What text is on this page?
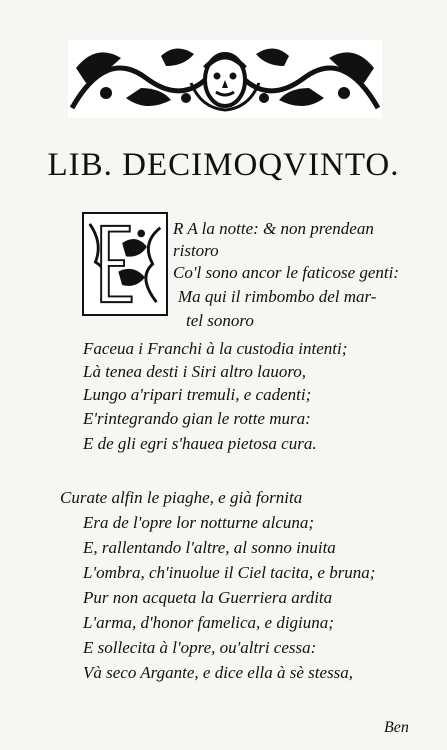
LIB. DECIMOQVINTO.
R A la notte: & non prendean
ristoro
Co'l sono ancor le faticose genti:
Ma qui il rimbombo del mar-
tel sonoro
Faceua i Franchi à la custodia intenti;
Là tenea desti i Siri altro lauoro,
Lungo a'ripari tremuli, e cadenti;
E'rintegrando gian le rotte mura:
E de gli egri s'hauea pietosa cura.
Curate alfin le piaghe, e già fornita
Era de l'opre lor notturne alcuna;
E, rallentando l'altre, al sonno inuita
L'ombra, ch'inuolue il Ciel tacita, e bruna;
Pur non acqueta la Guerriera ardita
L'arma, d'honor famelica, e digiuna;
E sollecita à l'opre, ou'altri cessa:
Và seco Argante, e dice ella à sè stessa,
Ben
